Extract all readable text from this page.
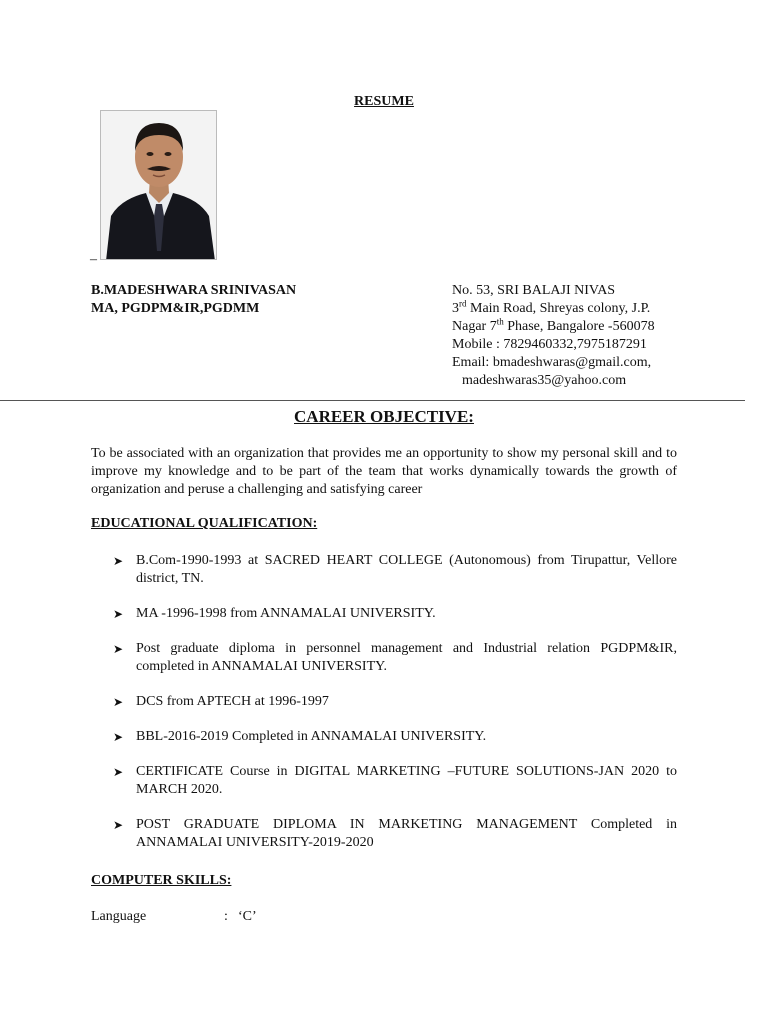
RESUME
–
B.MADESHWARA SRINIVASAN
MA, PGDPM&IR,PGDMM
No. 53, SRI BALAJI NIVAS
3rd Main Road, Shreyas colony, J.P.
Nagar 7th Phase, Bangalore -560078
Mobile : 7829460332,7975187291
Email: bmadeshwaras@gmail.com,
madeshwaras35@yahoo.com
CAREER OBJECTIVE:
To be associated with an organization that provides me an opportunity to show my personal skill and to improve my knowledge and to be part of the team that works dynamically towards the growth of organization and peruse a challenging and satisfying career
EDUCATIONAL QUALIFICATION:
➤ B.Com-1990-1993 at SACRED HEART COLLEGE (Autonomous) from Tirupattur, Vellore district, TN.
➤ MA -1996-1998 from ANNAMALAI UNIVERSITY.
➤ Post graduate diploma in personnel management and Industrial relation PGDPM&IR, completed in ANNAMALAI UNIVERSITY.
➤ DCS from APTECH at 1996-1997
➤ BBL-2016-2019 Completed in ANNAMALAI UNIVERSITY.
➤ CERTIFICATE Course in DIGITAL MARKETING –FUTURE SOLUTIONS-JAN 2020 to MARCH 2020.
➤ POST GRADUATE DIPLOMA IN MARKETING MANAGEMENT Completed in ANNAMALAI UNIVERSITY-2019-2020
COMPUTER SKILLS:
Language	: ‘C’
